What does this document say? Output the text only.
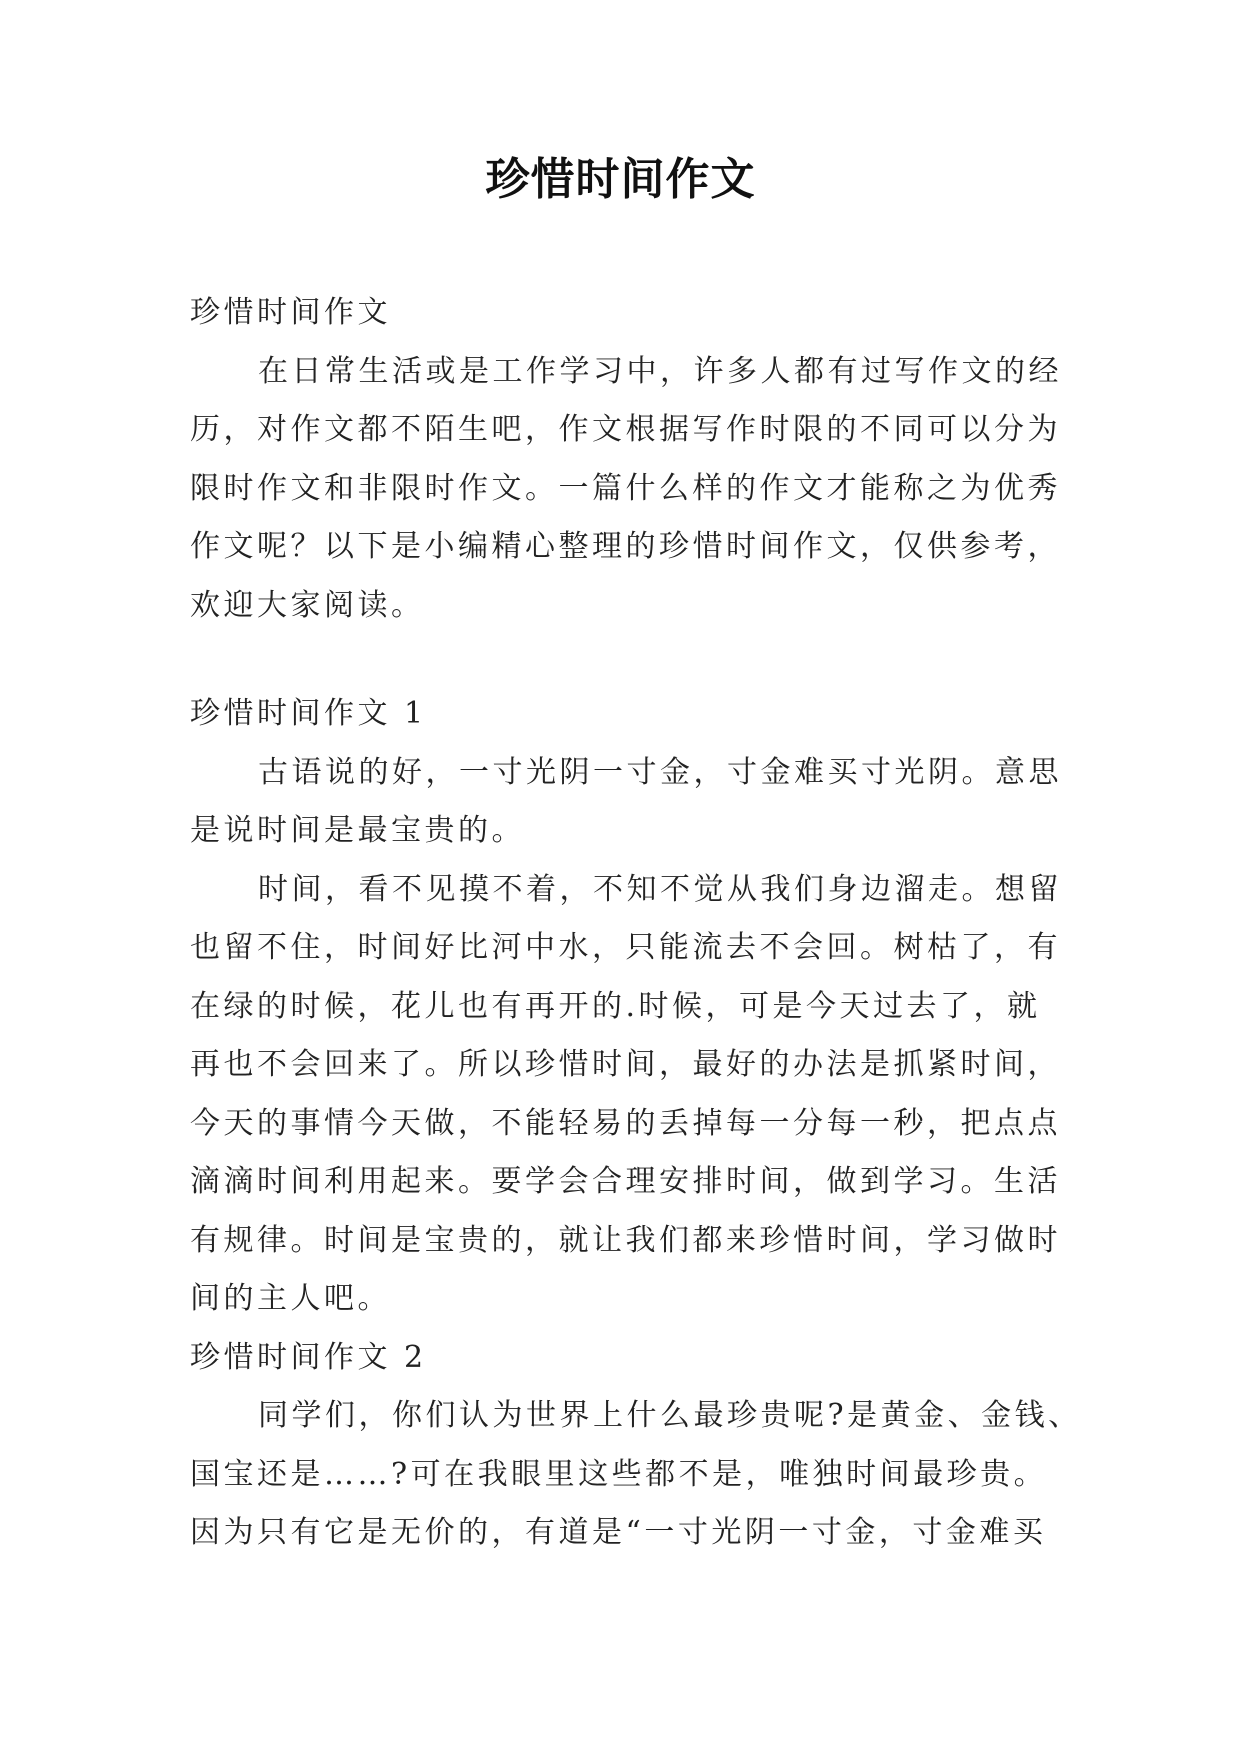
珍惜时间作文
珍惜时间作文
在日常生活或是工作学习中，许多人都有过写作文的经
历，对作文都不陌生吧，作文根据写作时限的不同可以分为
限时作文和非限时作文。一篇什么样的作文才能称之为优秀
作文呢？以下是小编精心整理的珍惜时间作文，仅供参考，
欢迎大家阅读。
珍惜时间作文 1
古语说的好，一寸光阴一寸金，寸金难买寸光阴。意思
是说时间是最宝贵的。
时间，看不见摸不着，不知不觉从我们身边溜走。想留
也留不住，时间好比河中水，只能流去不会回。树枯了，有
在绿的时候，花儿也有再开的.时候，可是今天过去了，就
再也不会回来了。所以珍惜时间，最好的办法是抓紧时间，
今天的事情今天做，不能轻易的丢掉每一分每一秒，把点点
滴滴时间利用起来。要学会合理安排时间，做到学习。生活
有规律。时间是宝贵的，就让我们都来珍惜时间，学习做时
间的主人吧。
珍惜时间作文 2
同学们，你们认为世界上什么最珍贵呢?是黄金、金钱、
国宝还是……?可在我眼里这些都不是，唯独时间最珍贵。
因为只有它是无价的，有道是“一寸光阴一寸金，寸金难买
